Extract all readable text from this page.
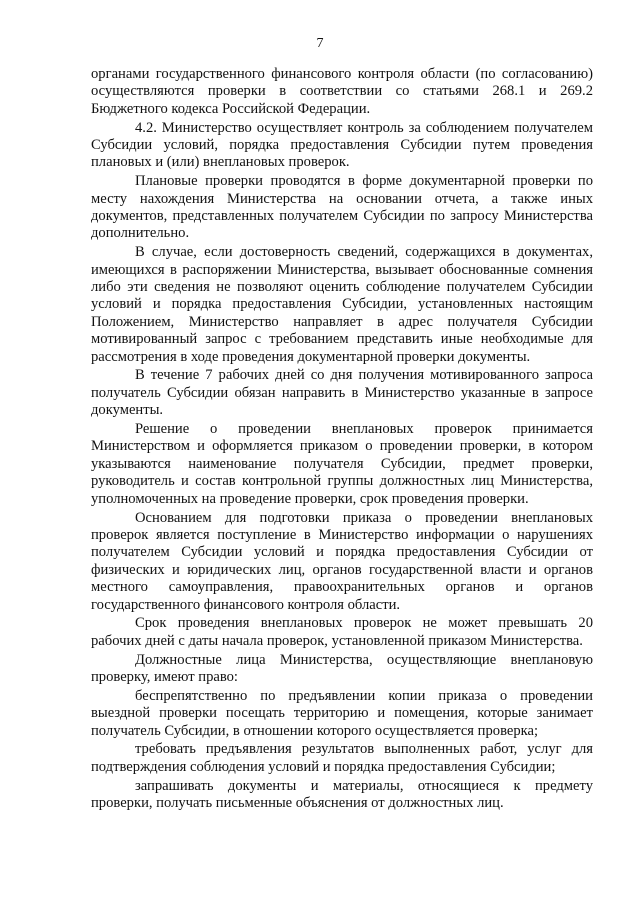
7

органами государственного финансового контроля области (по согласованию) осуществляются проверки в соответствии со статьями 268.1 и 269.2 Бюджетного кодекса Российской Федерации.

4.2. Министерство осуществляет контроль за соблюдением получателем Субсидии условий, порядка предоставления Субсидии путем проведения плановых и (или) внеплановых проверок.

Плановые проверки проводятся в форме документарной проверки по месту нахождения Министерства на основании отчета, а также иных документов, представленных получателем Субсидии по запросу Министерства дополнительно.

В случае, если достоверность сведений, содержащихся в документах, имеющихся в распоряжении Министерства, вызывает обоснованные сомнения либо эти сведения не позволяют оценить соблюдение получателем Субсидии условий и порядка предоставления Субсидии, установленных настоящим Положением, Министерство направляет в адрес получателя Субсидии мотивированный запрос с требованием представить иные необходимые для рассмотрения в ходе проведения документарной проверки документы.

В течение 7 рабочих дней со дня получения мотивированного запроса получатель Субсидии обязан направить в Министерство указанные в запросе документы.

Решение о проведении внеплановых проверок принимается Министерством и оформляется приказом о проведении проверки, в котором указываются наименование получателя Субсидии, предмет проверки, руководитель и состав контрольной группы должностных лиц Министерства, уполномоченных на проведение проверки, срок проведения проверки.

Основанием для подготовки приказа о проведении внеплановых проверок является поступление в Министерство информации о нарушениях получателем Субсидии условий и порядка предоставления Субсидии от физических и юридических лиц, органов государственной власти и органов местного самоуправления, правоохранительных органов и органов государственного финансового контроля области.

Срок проведения внеплановых проверок не может превышать 20 рабочих дней с даты начала проверок, установленной приказом Министерства.

Должностные лица Министерства, осуществляющие внеплановую проверку, имеют право:

беспрепятственно по предъявлении копии приказа о проведении выездной проверки посещать территорию и помещения, которые занимает получатель Субсидии, в отношении которого осуществляется проверка;

требовать предъявления результатов выполненных работ, услуг для подтверждения соблюдения условий и порядка предоставления Субсидии;

запрашивать документы и материалы, относящиеся к предмету проверки, получать письменные объяснения от должностных лиц.
